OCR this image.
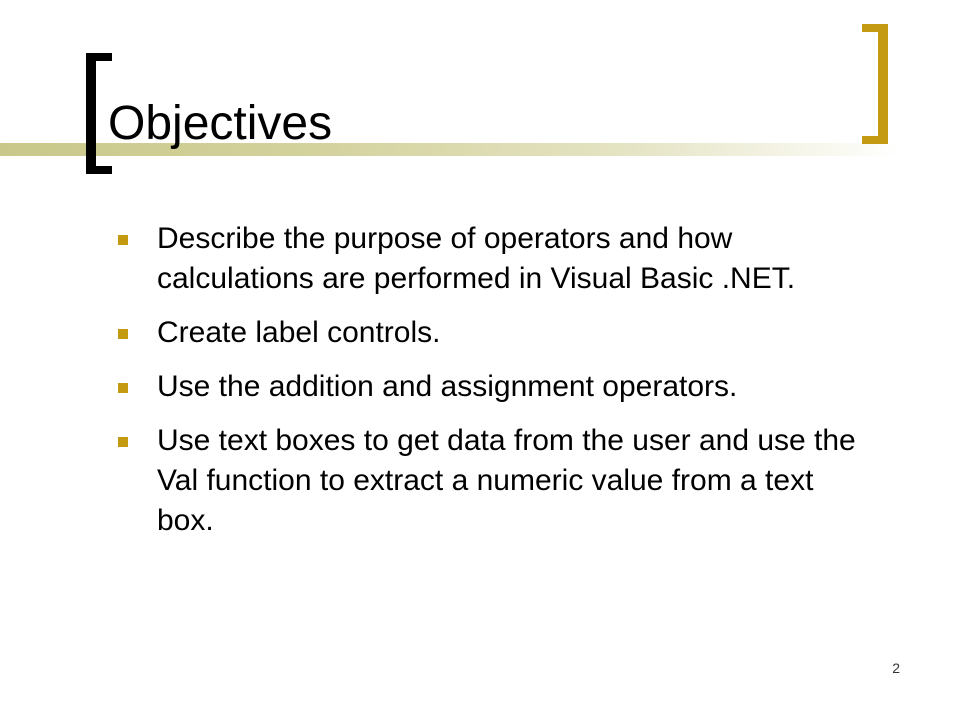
Objectives
Describe the purpose of operators and how calculations are performed in Visual Basic .NET.
Create label controls.
Use the addition and assignment operators.
Use text boxes to get data from the user and use the Val function to extract a numeric value from a text box.
2
